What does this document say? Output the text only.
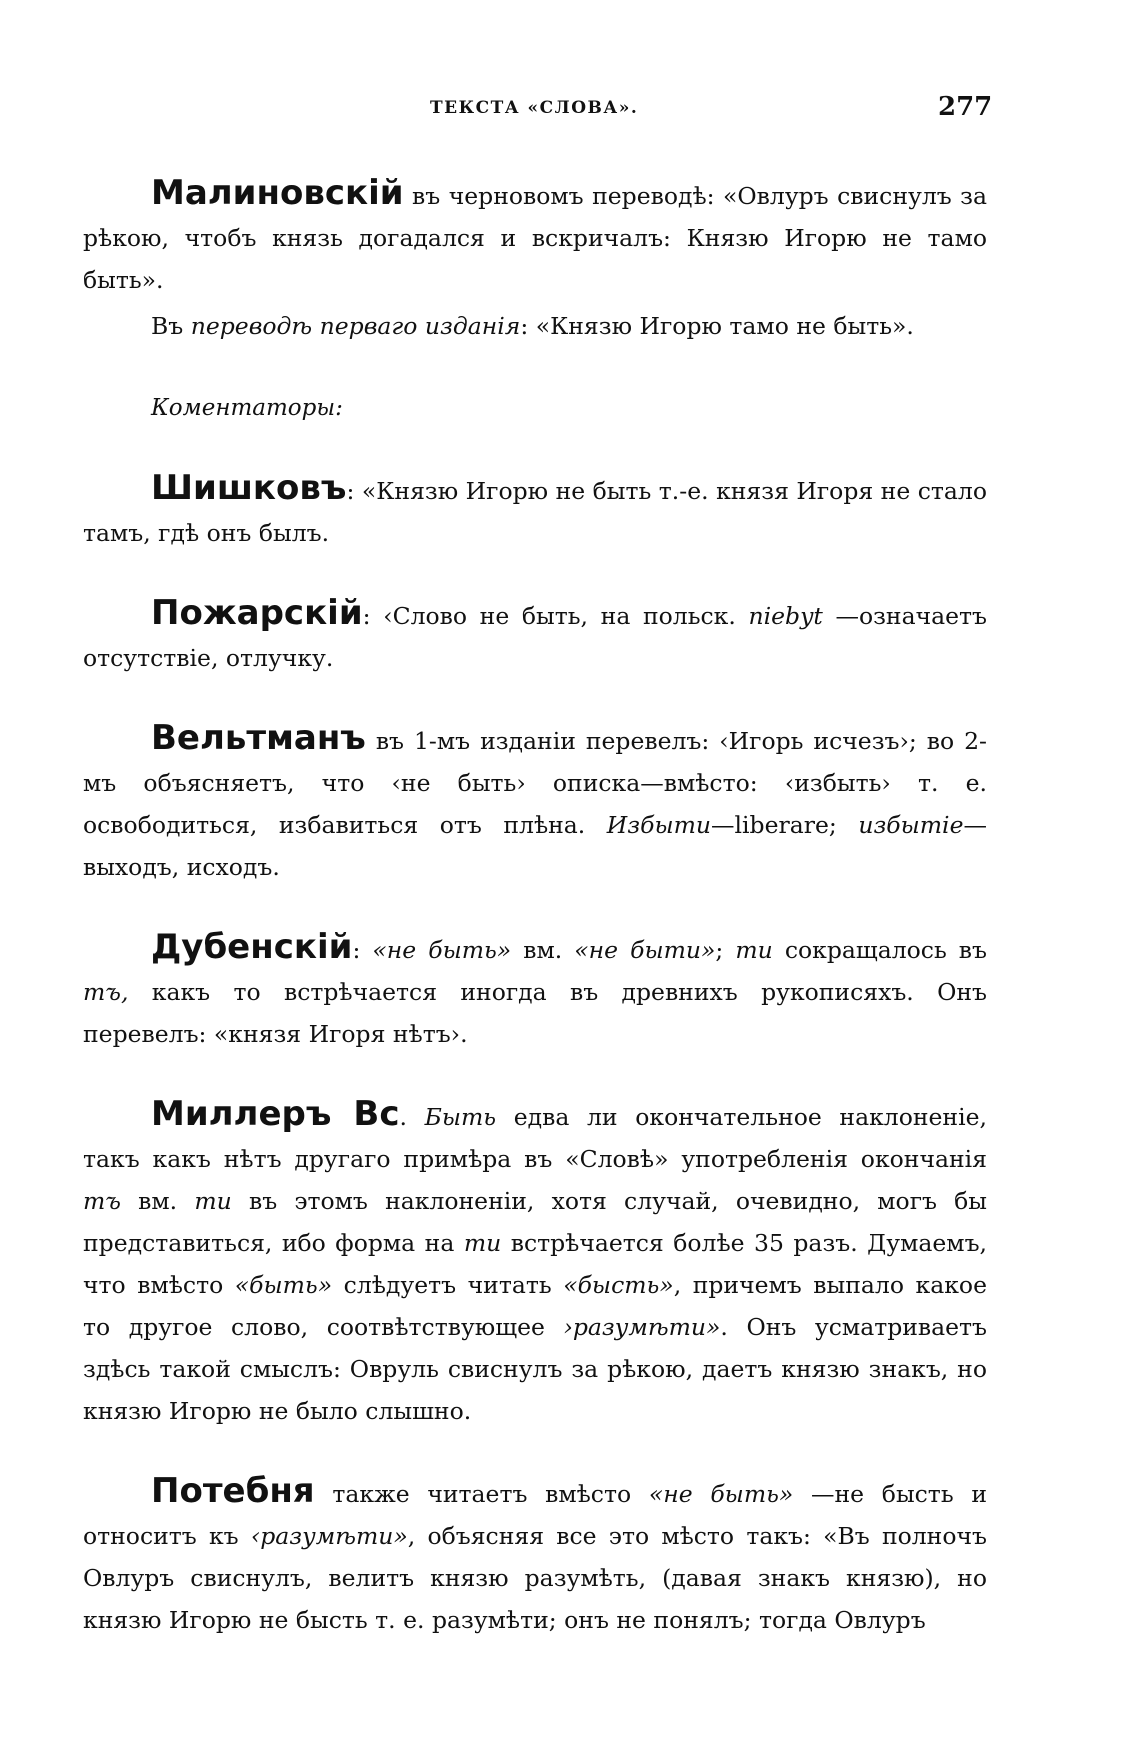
ТЕКСТА «СЛОВА».	277

Малиновскій въ черновомъ переводѣ: «Овлуръ свиснулъ за рѣкою, чтобъ князь догадался и вскричалъ: Князю Игорю не тамо быть».

Въ переводѣ перваго изданія: «Князю Игорю тамо не быть».

Коментаторы:

Шишковъ: «Князю Игорю не быть т.-е. князя Игоря не стало тамъ, гдѣ онъ былъ.

Пожарскій: ‹Слово не быть, на польск. niebyt —означаетъ отсутствіе, отлучку.

Вельтманъ въ 1-мъ изданіи перевелъ: ‹Игорь исчезъ›; во 2-мъ объясняетъ, что ‹не быть› описка—вмѣсто: ‹избыть› т. е. освободиться, избавиться отъ плѣна. Избыти—liberare; избытіе—выходъ, исходъ.

Дубенскій: «не быть» вм. «не быти»; ти сокращалось въ тъ, какъ то встрѣчается иногда въ древнихъ рукописяхъ. Онъ перевелъ: «князя Игоря нѣтъ›.

Миллеръ Вс. Быть едва ли окончательное наклоненіе, такъ какъ нѣтъ другаго примѣра въ «Словѣ» употребленія окончанія тъ вм. ти въ этомъ наклоненіи, хотя случай, очевидно, могъ бы представиться, ибо форма на ти встрѣчается болѣе 35 разъ. Думаемъ, что вмѣсто «быть» слѣдуетъ читать «бысть», причемъ выпало какое то другое слово, соотвѣтствующее ›разумѣти». Онъ усматриваетъ здѣсь такой смыслъ: Овруль свиснулъ за рѣкою, даетъ князю знакъ, но князю Игорю не было слышно.

Потебня также читаетъ вмѣсто «не быть» —не бысть и относитъ къ ‹разумѣти», объясняя все это мѣсто такъ: «Въ полночъ Овлуръ свиснулъ, велитъ князю разумѣть, (давая знакъ князю), но князю Игорю не бысть т. е. разумѣти; онъ не понялъ; тогда Овлуръ
